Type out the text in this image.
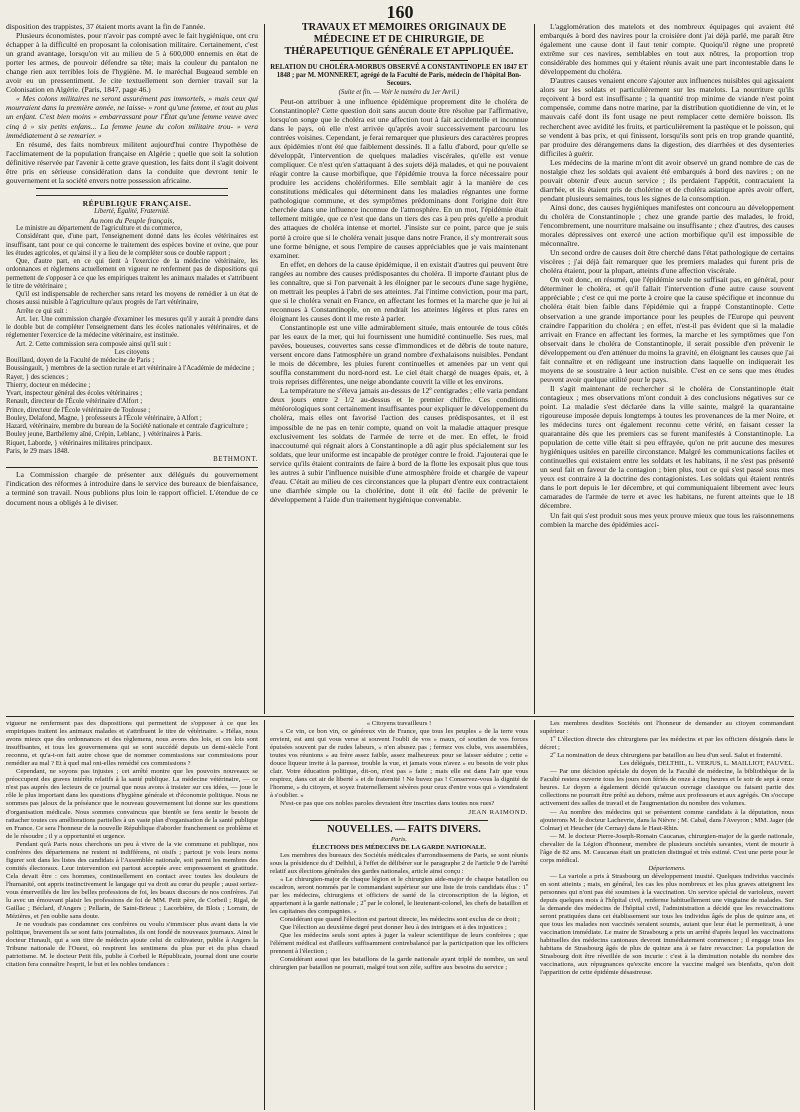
160

disposition des trappistes, 37 étaient morts avant la fin de l'année.

Plusieurs économistes, pour n'avoir pas compté avec le fait hygiénique, ont cru échapper à la difficulté en proposant la colonisation militaire. Certainement, c'est un grand avantage, lorsqu'on vit au milieu de 5 à 600,000 ennemis en état de porter les armes, de pouvoir défendre sa tête; mais la couleur du pantalon ne change rien aux terribles lois de l'hygiène. M. le maréchal Bugeaud semble en avoir eu un pressentiment. Je cite textuellement son dernier travail sur la Colonisation en Algérie. (Paris, 1847, page 46.)

« Mes colons militaires ne seront assurément pas immortels, » mais ceux qui mourraient dans la première année, ne laisse- » ront qu'une femme, et tout au plus un enfant. C'est bien moins » embarrassant pour l'État qu'une femme veuve avec cinq à » six petits enfans... La femme jeune du colon militaire trou- » vera immédiatement à se remarier. »

En résumé, des faits nombreux militent aujourd'hui contre l'hypothèse de l'acclimatement de la population française en Algérie ; quelle que soit la solution définitive réservée par l'avenir à cette grave question, les faits dont il s'agit doivent être pris en sérieuse considération dans la conduite que devront tenir le gouvernement et la société envers notre possession africaine.

RÉPUBLIQUE FRANÇAISE.

Liberté, Égalité, Fraternité.

Au nom du Peuple français,

Le ministre au département de l'agriculture et du commerce,

Considérant que, d'une part, l'enseignement donné dans les écoles vétérinaires est insuffisant, tant pour ce qui concerne le traitement des espèces bovine et ovine, que pour les études agricoles, et qu'ainsi il y a lieu de le compléter sous ce double rapport ;

Que, d'autre part, en ce qui tient à l'exercice de la médecine vétérinaire, les ordonnances et règlemens actuellement en vigueur ne renferment pas de dispositions qui permettent de s'opposer à ce que les empiriques traitent les animaux malades et s'attribuent le titre de vétérinaire ;

Qu'il est indispensable de rechercher sans retard les moyens de remédier à un état de choses aussi nuisible à l'agriculture qu'aux progrès de l'art vétérinaire,

Arrête ce qui suit :

Art. 1er. Une commission chargée d'examiner les mesures qu'il y aurait à prendre dans le double but de compléter l'enseignement dans les écoles nationales vétérinaires, et de réglementer l'exercice de la médecine vétérinaire, est instituée.

Art. 2. Cette commission sera composée ainsi qu'il suit :

Les citoyens

Bouillaud, doyen de la Faculté de médecine de Paris ;

Boussingault, } membres de la section rurale et art vétérinaire à l'Académie de médecine ;

Rayer, } des sciences ;

Thierry, docteur en médecine ;

Yvart, inspecteur général des écoles vétérinaires ;

Renault, directeur de l'École vétérinaire d'Alfort ;

Prince, directeur de l'École vétérinaire de Toulouse ;

Bouley, Delafond, Magne, } professeurs à l'École vétérinaire, à Alfort ;

Hazard, vétérinaire, membre du bureau de la Société nationale et centrale d'agriculture ;

Bouley jeune, Barthélemy aîné, Crépin, Leblanc, } vétérinaires à Paris.

Riquet, Laborde, } vétérinaires militaires principaux.

Paris, le 29 mars 1848.

BETHMONT.

La Commission chargée de présenter aux délégués du gouvernement l'indication des réformes à introduire dans le service des bureaux de bienfaisance, a terminé son travail. Nous publions plus loin le rapport officiel. L'étendue de ce document nous a obligés à le diviser.

TRAVAUX ET MÉMOIRES ORIGINAUX DE MÉDECINE ET DE CHIRURGIE, DE THÉRAPEUTIQUE GÉNÉRALE ET APPLIQUÉE.

RELATION DU CHOLÉRA-MORBUS OBSERVÉ A CONSTANTINOPLE EN 1847 ET 1848 ; par M. MONNERET, agrégé de la Faculté de Paris, médecin de l'hôpital Bon-Secours.

(Suite et fin. — Voir le numéro du 1er Avril.)

Peut-on attribuer à une influence épidémique proprement dite le choléra de Constantinople? Cette question doit sans aucun doute être résolue par l'affirmative, lorsqu'on songe que le choléra est une affection tout à fait accidentelle et inconnue dans le pays, où elle n'est arrivée qu'après avoir successivement parcouru les contrées voisines. Cependant, je ferai remarquer que plusieurs des caractères propres aux épidémies n'ont été que faiblement dessinés. Il a fallu d'abord, pour qu'elle se développât, l'intervention de quelques maladies viscérales, qu'elle est venue compliquer. Ce n'est qu'en s'attaquant à des sujets déjà malades, et qui ne pouvaient réagir contre la cause morbifique, que l'épidémie trouva la force nécessaire pour produire les accidens cholériformes. Elle semblait agir à la manière de ces constitutions médicales qui déterminent dans les maladies régnantes une forme pathologique commune, et des symptômes prédominans dont l'origine doit être cherchée dans une influence inconnue de l'atmosphère. En un mot, l'épidémie était tellement mitigée, que ce n'est que dans un tiers des cas à peu près qu'elle a produit des attaques de choléra intense et mortel. J'insiste sur ce point, parce que je suis porté à croire que si le choléra venait jusque dans notre France, il s'y montrerait sous une forme bénigne, et sous l'empire de causes appréciables que je vais maintenant examiner.

En effet, en dehors de la cause épidémique, il en existait d'autres qui peuvent être rangées au nombre des causes prédisposantes du choléra. Il importe d'autant plus de les connaître, que si l'on parvenait à les éloigner par le secours d'une sage hygiène, on mettrait les peuples à l'abri de ses atteintes. J'ai l'intime conviction, pour ma part, que si le choléra venait en France, en affectant les formes et la marche que je lui ai reconnues à Constantinople, on en rendrait les atteintes légères et plus rares en éloignant les causes dont il me reste à parler.

Constantinople est une ville admirablement située, mais entourée de tous côtés par les eaux de la mer, qui lui fournissent une humidité continuelle. Ses rues, mal pavées, boueuses, couvertes sans cesse d'immondices et de débris de toute nature, versent encore dans l'atmosphère un grand nombre d'exhalaisons nuisibles. Pendant le mois de décembre, les pluies furent continuelles et amenées par un vent qui souffla constamment du nord-nord est. Le ciel était chargé de nuages épais, et, à trois reprises différentes, une neige abondante couvrit la ville et les environs.

La température ne s'éleva jamais au-dessus de 12º centigrades ; elle varia pendant deux jours entre 2 1/2 au-dessus et le premier chiffre. Ces conditions météorologiques sont certainement insuffisantes pour expliquer le développement du choléra, mais elles ont favorisé l'action des causes prédisposantes, et il est impossible de ne pas en tenir compte, quand on voit la maladie attaquer presque exclusivement les soldats de l'armée de terre et de mer. En effet, le froid inaccoutumé qui régnait alors à Constantinople a dû agir plus spécialement sur les soldats, que leur uniforme est incapable de protéger contre le froid. J'ajouterai que le service qu'ils étaient contraints de faire à bord de la flotte les exposait plus que tous les autres à subir l'influence nuisible d'une atmosphère froide et chargée de vapeur d'eau. C'était au milieu de ces circonstances que la plupart d'entre eux contractaient une diarrhée simple ou la cholérine, dont il eût été facile de prévenir le développement à l'aide d'un traitement hygiénique convenable.

L'agglomération des matelots et des nombreux équipages qui avaient été embarqués à bord des navires pour la croisière dont j'ai déjà parlé, me paraît être également une cause dont il faut tenir compte. Quoiqu'il règne une propreté extrême sur ces navires, semblables en tout aux nôtres, la proportion trop considérable des hommes qui y étaient réunis avait une part incontestable dans le développement du choléra.

D'autres causes venaient encore s'ajouter aux influences nuisibles qui agissaient alors sur les soldats et particulièrement sur les matelots. La nourriture qu'ils reçoivent à bord est insuffisante ; la quantité trop minime de viande n'est point compensée, comme dans notre marine, par la distribution quotidienne de vin, et le mauvais café dont ils font usage ne peut remplacer cette dernière boisson. Ils recherchent avec avidité les fruits, et particulièrement la pastèque et le poisson, qui se vendent à bas prix, et qui finissent, lorsqu'ils sont pris en trop grande quantité, par produire des dérangemens dans la digestion, des diarrhées et des dysenteries difficiles à guérir.

Les médecins de la marine m'ont dit avoir observé un grand nombre de cas de nostalgie chez les soldats qui avaient été embarqués à bord des navires ; on ne pouvait obtenir d'eux aucun service ; ils perdaient l'appétit, contractaient la diarrhée, et ils étaient pris de cholérine et de choléra asiatique après avoir offert, pendant plusieurs semaines, tous les signes de la consomption.

Ainsi donc, des causes hygiéniques manifestes ont concouru au développement du choléra de Constantinople ; chez une grande partie des malades, le froid, l'encombrement, une nourriture malsaine ou insuffisante ; chez d'autres, des causes morales dépressives ont exercé une action morbifique qu'il est impossible de méconnaître.

Un second ordre de causes doit être cherché dans l'état pathologique de certains viscères ; j'ai déjà fait remarquer que les premiers malades qui furent pris de choléra étaient, pour la plupart, atteints d'une affection viscérale.

On voit donc, en résumé, que l'épidémie seule ne suffisait pas, en général, pour déterminer le choléra, et qu'il fallait l'intervention d'une autre cause souvent appréciable ; c'est ce qui me porte à croire que la cause spécifique et inconnue du choléra était bien faible dans l'épidémie qui a frappé Constantinople. Cette observation a une grande importance pour les peuples de l'Europe qui peuvent craindre l'apparition du choléra ; en effet, n'est-il pas évident que si la maladie arrivait en France en affectant les formes, la marche et les symptômes que l'on observait dans le choléra de Constantinople, il serait possible d'en prévenir le développement ou d'en atténuer du moins la gravité, en éloignant les causes que j'ai fait connaître et en rédigeant une instruction dans laquelle on indiquerait les moyens de se soustraire à leur action nuisible. C'est en ce sens que mes études peuvent avoir quelque utilité pour le pays.

Il s'agit maintenant de rechercher si le choléra de Constantinople était contagieux ; mes observations m'ont conduit à des conclusions négatives sur ce point. La maladie s'est déclarée dans la ville sainte, malgré la quarantaine rigoureuse imposée depuis longtemps à toutes les provenances de la mer Noire, et les médecins turcs ont également reconnu cette vérité, en faisant cesser la quarantaine dès que les premiers cas se furent manifestés à Constantinople. La population de cette ville était si peu effrayée, qu'on ne prit aucune des mesures hygiéniques usitées en pareille circonstance. Malgré les communications faciles et continuelles qui existaient entre les soldats et les habitans, il ne s'est pas présenté un seul fait en faveur de la contagion ; bien plus, tout ce qui s'est passé sous mes yeux est contraire à la doctrine des contagionistes. Les soldats qui étaient rentrés dans le port depuis le 1er décembre, et qui communiquaient librement avec leurs camarades de l'armée de terre et avec les habitans, ne furent atteints que le 18 décembre.

Un fait qui s'est produit sous mes yeux prouve mieux que tous les raisonnemens combien la marche des épidémies acci-

vigueur ne renferment pas des dispositions qui permettent de s'opposer à ce que les empiriques traitent les animaux malades et s'attribuent le titre de vétérinaire. « Hélas, nous avons mieux que des ordonnances et des règlemens, nous avons des lois, et ces lois sont insuffisantes, et tous les gouvernemens qui se sont succédé depuis un demi-siècle l'ont reconnu, et qu'a-t-on fait autre chose que de nommer commissions sur commissions pour remédier au mal ? Et à quel mal ont-elles remédié ces commissions ?

Cependant, ne soyons pas injustes ; cet arrêté montre que les pouvoirs nouveaux se préoccupent des graves intérêts relatifs à la santé publique. La médecine vétérinaire, — ce n'est pas auprès des lecteurs de ce journal que nous avons à insister sur ces idées, — joue le rôle le plus important dans les questions d'hygiène générale et d'économie politique. Nous ne sommes pas jaloux de la préséance que le nouveau gouvernement lui donne sur les questions d'organisation médicale. Nous sommes convaincus que bientôt se fera sentir le besoin de rattacher toutes ces améliorations partielles à un vaste plan d'organisation de la santé publique en France. Ce sera l'honneur de la nouvelle République d'aborder franchement ce problème et de le résoudre ; il y a opportunité et urgence.

Pendant qu'à Paris nous cherchons un peu à vivre de la vie commune et publique, nos confrères des départemens ne restent ni indifférens, ni oisifs ; partout je vois leurs noms figurer soit dans les listes des candidats à l'Assemblée nationale, soit parmi les membres des comités électoraux. Leur intervention est partout acceptée avec empressement et gratitude. Cela devait être : ces hommes, continuellement en contact avec toutes les douleurs de l'humanité, ont appris instinctivement le langage qui va droit au cœur du peuple ; aussi seriez-vous émerveillés de lire les belles professions de foi, les beaux discours de nos confrères. J'ai lu avec un émouvant plaisir les professions de foi de MM. Petit père, de Corbeil ; Rigal, de Gaillac ; Béclard, d'Angers ; Pellarin, de Saint-Brieuc ; Lacorbière, de Blois ; Lorrain, de Mézières, et j'en oublie sans doute.

Je ne voudrais pas condamner ces confrères ou voulu s'immiscer plus avant dans la vie politique, bravement ils se sont faits journalistes, ils ont fondé de nouveaux journaux. Ainsi le docteur Hunault, qui a son titre de médecin ajoute celui de cultivateur, publie à Angers la Tribune nationale de l'Ouest, où respirent les sentimens du plus pur et du plus chaud patriotisme. M. le docteur Petit fils, publie à Corbeil le Républicain, journal dont une courte citation fera connaître l'esprit, le but et les nobles tendances :

« Citoyens travailleurs !

« Ce vin, ce bon vin, ce généreux vin de France, que tous les peuples » de la terre vous envient, est ami qui vous verse si souvent l'oubli de vos » maux, cé soutien de vos forces épuisées souvent par de rudes labeurs, » n'en abusez pas ; fermez vos clubs, vos assemblées, toutes vos réunions » au frère assez faible, assez malheureux pour se laisser séduire ; cette » douce liqueur invite à la paresse, trouble la vue, et jamais vous n'avez » eu besoin de voir plus clair. Votre éducation politique, dit-on, n'est pas » faite ; mais elle est dans l'air que vous respirez, dans cet air de liberté » et de fraternité ! Ne buvez pas ! Conservez-vous la dignité de l'homme, » du citoyen, et soyez fraternellement sévères pour ceux d'entre vous qui » viendraient à s'oublier. »

N'est-ce pas que ces nobles paroles devraient être inscrites dans toutes nos rues?

JEAN RAIMOND.

NOUVELLES. — FAITS DIVERS.

Paris.

ÉLECTIONS DES MÉDECINS DE LA GARDE NATIONALE.

Les membres des bureaux des Sociétés médicales d'arrondissemens de Paris, se sont réunis sous la présidence du d' Delbhil, à l'effet de délibérer sur le paragraphe 2 de l'article 9 de l'arrêté relatif aux élections générales des gardes nationales, article ainsi conçu :

« Le chirurgien-major de chaque légion et le chirurgien aide-major de chaque bataillon ou escadron, seront nommés par le commandant supérieur sur une liste de trois candidats élus : 1º par les médecins, chirurgiens et officiers de santé de la circonscription de la légion, et appartenant à la garde nationale ; 2º par le colonel, le lieutenant-colonel, les chefs de bataillon et les capitaines des compagnies. »

Considérant que quand l'élection est partout directe, les médecins sont exclus de ce droit ;

Que l'élection au deuxième degré peut donner lieu à des intrigues et à des injustices ;

Que les médecins seuls sont aptes à juger la valeur scientifique de leurs confrères ; que l'élément médical est d'ailleurs suffisamment contrebalancé par la participation que les officiers prennent à l'élection ;

Considérant aussi que les bataillons de la garde nationale ayant triplé de nombre, un seul chirurgien par bataillon ne pourrait, malgré tout son zèle, suffire aux besoins du service ;

Les membres desdites Sociétés ont l'honneur de demander au citoyen commandant supérieur :

1º L'élection directe des chirurgiens par les médecins et par les officiers désignés dans le décret ;

2º La nomination de deux chirurgiens par bataillon au lieu d'un seul. Salut et fraternité.

Les délégués, DELTHIL, L. VERJUS, L. MAILLIOT, FAUVEL.

— Par une décision spéciale du doyen de la Faculté de médecine, la bibliothèque de la Faculté restera ouverte tous les jours non fériés de onze à cinq heures et le soir de sept à onze heures. Le doyen a également décidé qu'aucun ouvrage classique ou faisant partie des collections ne pourrait être prêté au dehors, même aux professeurs et aux agrégés. On s'occupe activement des salles de travail et de l'augmentation du nombre des volumes.

— Au nombre des médecins qui se présentent comme candidats à la députation, nous ajouterons M. le docteur Lachevrie, dans la Nièvre ; M. Cabal, dans l'Aveyron ; MM. Jager (de Colmar) et Heucher (de Cernay) dans le Haut-Rhin.

— M. le docteur Pierre-Joseph-Romain Caucanas, chirurgien-major de la garde nationale, chevalier de la Légion d'honneur, membre de plusieurs sociétés savantes, vient de mourir à l'âge de 82 ans. M. Caucanas était un praticien distingué et très estimé. C'est une perte pour le corps médical.

Départemens.

— La variole a pris à Strasbourg un développement inusité. Quelques individus vaccinés en sont atteints ; mais, en général, les cas les plus nombreux et les plus graves atteignent les personnes qui n'ont pas été soumises à la vaccination. Un service spécial de varioleux, ouvert depuis quelques mois à l'hôpital civil, renferme habituellement une vingtaine de malades. Sur la demande des médecins de l'hôpital civil, l'administration a décidé que les revaccinations seront pratiquées dans cet établissement sur tous les individus âgés de plus de quinze ans, et que tous les malades non vaccinés seraient soumis, autant que leur état le permettrait, à une vaccination immédiate. Le maire de Strasbourg a pris un arrêté d'après lequel les vaccinations habituelles des médecins cantonaux devront immédiatement commencer ; il engage tous les habitans de Strasbourg âgés de plus de quinze ans à se faire revacciner. La population de Strasbourg doit être réveillée de son incurie : c'est à la diminution notable du nombre des vaccinations, aux répugnances qu'excite encore la vaccine malgré ses bienfaits, qu'on doit l'apparition de cette épidémie désastreuse.
